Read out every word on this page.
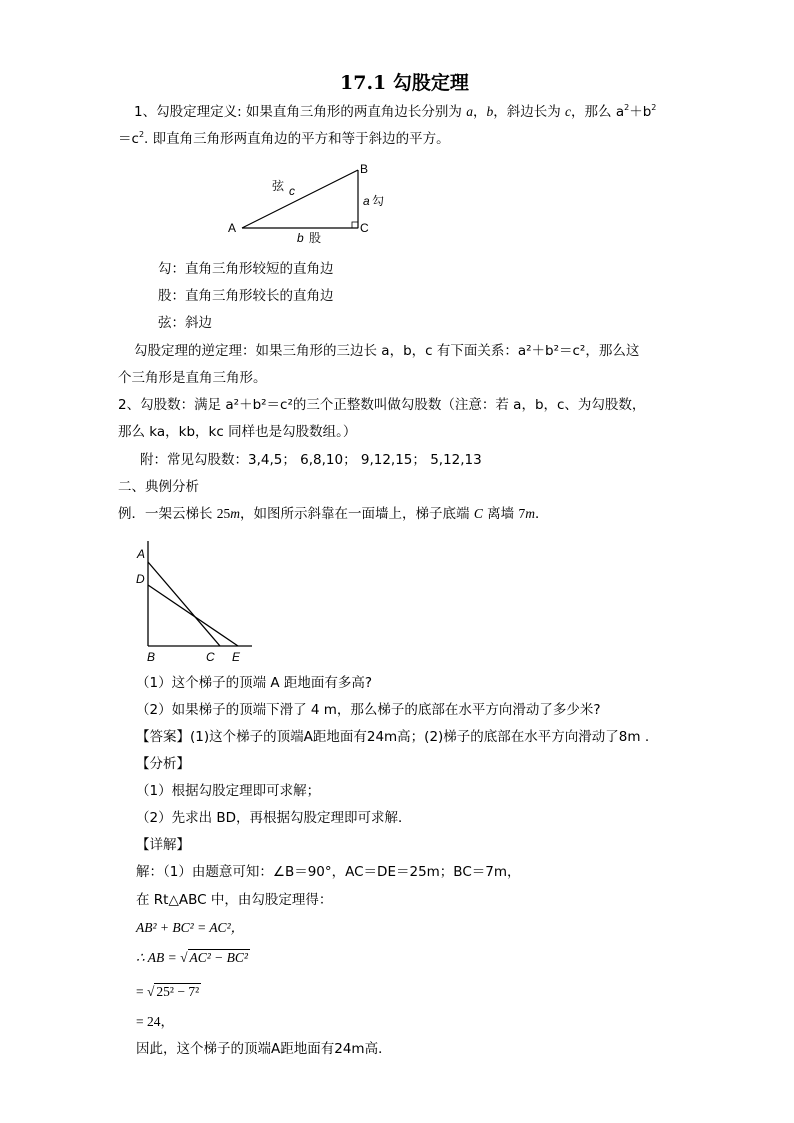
17.1 勾股定理
1、勾股定理定义: 如果直角三角形的两直角边长分别为 a，b，斜边长为 c，那么 $a^2+b^2$
$=c^2$. 即直角三角形两直角边的平方和等于斜边的平方。
A
B
C
弦 c
a 勾
b 股
勾：直角三角形较短的直角边
股：直角三角形较长的直角边
弦：斜边
勾股定理的逆定理：如果三角形的三边长 a，b，c 有下面关系：a²＋b²＝c²，那么这
个三角形是直角三角形。
2、勾股数：满足 a²＋b²＝c²的三个正整数叫做勾股数（注意：若 a，b，c、为勾股数，
那么 ka，kb，kc 同样也是勾股数组。）
附：常见勾股数：3,4,5； 6,8,10； 9,12,15； 5,12,13
二、典例分析
例．一架云梯长 25m，如图所示斜靠在一面墙上，梯子底端 C 离墙 7m．
A
D
B	C E
（1）这个梯子的顶端 A 距地面有多高?
（2）如果梯子的顶端下滑了 4 m，那么梯子的底部在水平方向滑动了多少米?
【答案】(1)这个梯子的顶端A距地面有24m高；(2)梯子的底部在水平方向滑动了8m .
【分析】
（1）根据勾股定理即可求解；
（2）先求出 BD，再根据勾股定理即可求解．
【详解】
解：（1）由题意可知：∠B＝90°，AC＝DE＝25m；BC＝7m，
在 Rt△ABC 中，由勾股定理得：
AB² + BC² = AC²，
∴ AB = √ AC² − BC²
= √ 25² − 7²
= 24，
因此，这个梯子的顶端A距地面有24m高．
